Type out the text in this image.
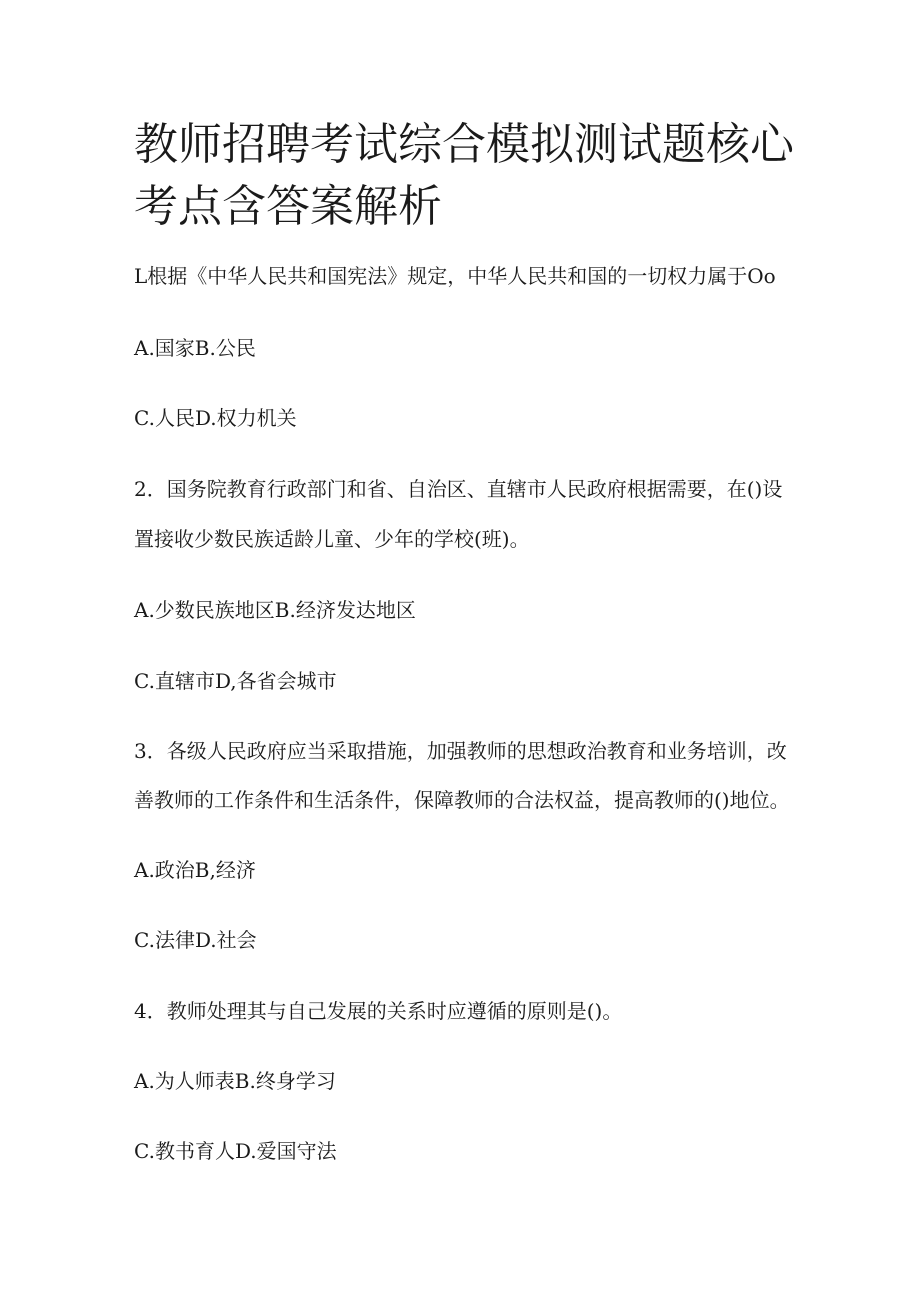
教师招聘考试综合模拟测试题核心考点含答案解析

L根据《中华人民共和国宪法》规定，中华人民共和国的一切权力属于Oo

A.国家B.公民

C.人民D.权力机关

2．国务院教育行政部门和省、自治区、直辖市人民政府根据需要，在()设

置接收少数民族适龄儿童、少年的学校(班)。

A.少数民族地区B.经济发达地区

C.直辖市D,各省会城市

3．各级人民政府应当采取措施，加强教师的思想政治教育和业务培训，改

善教师的工作条件和生活条件，保障教师的合法权益，提高教师的()地位。

A.政治B,经济

C.法律D.社会

4．教师处理其与自己发展的关系时应遵循的原则是()。

A.为人师表B.终身学习

C.教书育人D.爱国守法
